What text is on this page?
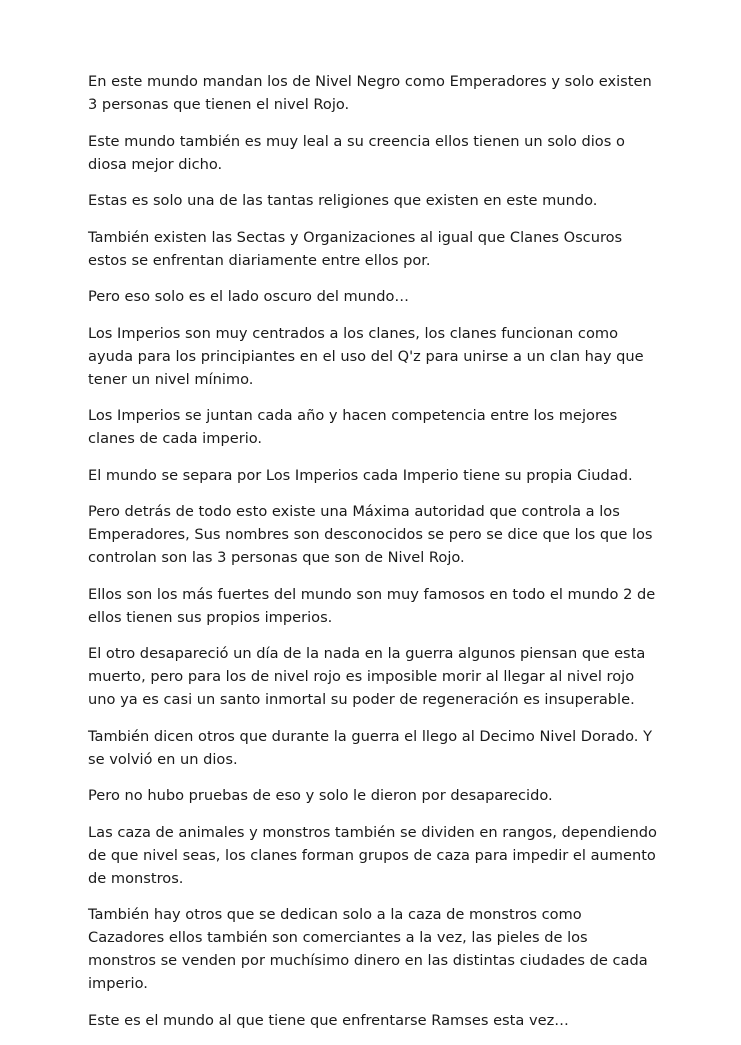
En este mundo mandan los de Nivel Negro como Emperadores y solo existen 3 personas que tienen el nivel Rojo.

Este mundo también es muy leal a su creencia ellos tienen un solo dios o diosa mejor dicho.

Estas es solo una de las tantas religiones que existen en este mundo.

También existen las Sectas y Organizaciones al igual que Clanes Oscuros estos se enfrentan diariamente entre ellos por.

Pero eso solo es el lado oscuro del mundo…

Los Imperios son muy centrados a los clanes, los clanes funcionan como ayuda para los principiantes en el uso del Q'z para unirse a un clan hay que tener un nivel mínimo.

Los Imperios se juntan cada año y hacen competencia entre los mejores clanes de cada imperio.

El mundo se separa por Los Imperios cada Imperio tiene su propia Ciudad.

Pero detrás de todo esto existe una Máxima autoridad que controla a los Emperadores, Sus nombres son desconocidos se pero se dice que los que los controlan son las 3 personas que son de Nivel Rojo.

Ellos son los más fuertes del mundo son muy famosos en todo el mundo 2 de ellos tienen sus propios imperios.

El otro desapareció un día de la nada en la guerra algunos piensan que esta muerto, pero para los de nivel rojo es imposible morir al llegar al nivel rojo uno ya es casi un santo inmortal su poder de regeneración es insuperable.

También dicen otros que durante la guerra el llego al Decimo Nivel Dorado. Y se volvió en un dios.

Pero no hubo pruebas de eso y solo le dieron por desaparecido.

Las caza de animales y monstros también se dividen en rangos, dependiendo de que nivel seas, los clanes forman grupos de caza para impedir el aumento de monstros.

También hay otros que se dedican solo a la caza de monstros como Cazadores ellos también son comerciantes a la vez, las pieles de los monstros se venden por muchísimo dinero en las distintas ciudades de cada imperio.

Este es el mundo al que tiene que enfrentarse Ramses esta vez…
